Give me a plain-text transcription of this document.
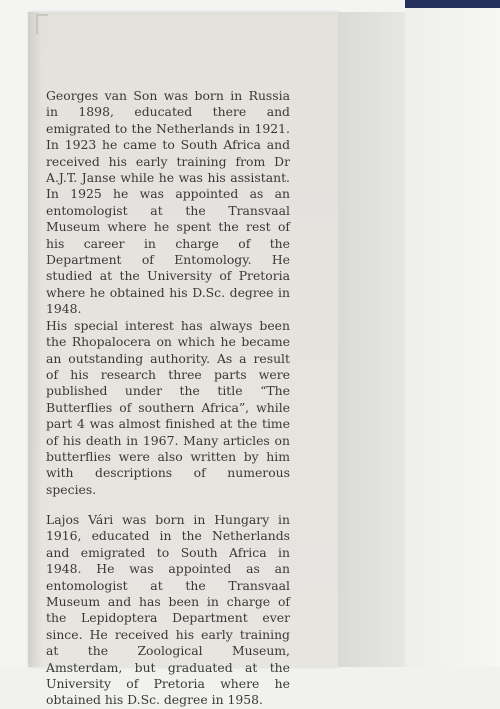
Georges van Son was born in Russia in 1898, educated there and emigrated to the Netherlands in 1921. In 1923 he came to South Africa and received his early training from Dr A.J.T. Janse while he was his assistant. In 1925 he was appointed as an entomologist at the Transvaal Museum where he spent the rest of his career in charge of the Department of Entomology. He studied at the University of Pretoria where he obtained his D.Sc. degree in 1948.

His special interest has always been the Rhopalocera on which he became an outstanding authority. As a result of his research three parts were published under the title “The Butterflies of southern Africa”, while part 4 was almost finished at the time of his death in 1967. Many articles on butterflies were also written by him with descriptions of numerous species.

Lajos Vári was born in Hungary in 1916, educated in the Netherlands and emigrated to South Africa in 1948. He was appointed as an entomologist at the Transvaal Museum and has been in charge of the Lepidoptera Department ever since. He received his early training at the Zoological Museum, Amsterdam, but graduated at the University of Pretoria where he obtained his D.Sc. degree in 1958.
